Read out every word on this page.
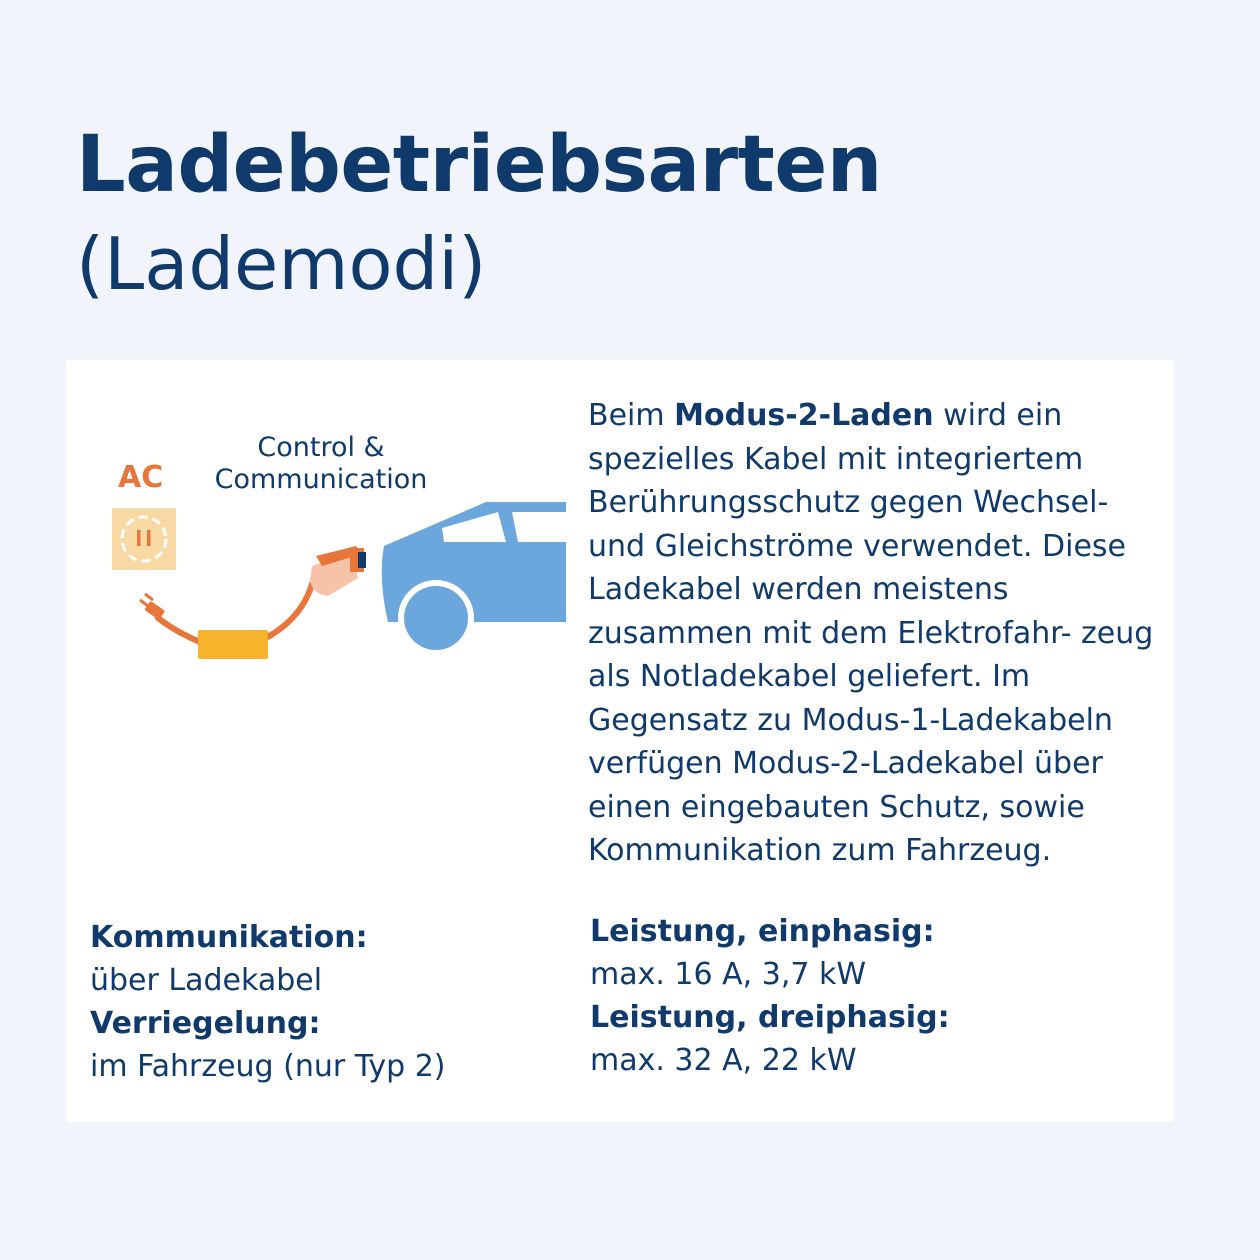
Ladebetriebsarten
(Lademodi)
AC
Control & Communication
Beim Modus-2-Laden wird ein spezielles Kabel mit integriertem Berührungsschutz gegen Wechsel- und Gleichströme verwendet. Diese Ladekabel werden meistens zusammen mit dem Elektrofahr- zeug als Notladekabel geliefert. Im Gegensatz zu Modus-1-Ladekabeln verfügen Modus-2-Ladekabel über einen eingebauten Schutz, sowie Kommunikation zum Fahrzeug.
Kommunikation:
über Ladekabel
Verriegelung:
im Fahrzeug (nur Typ 2)
Leistung, einphasig:
max. 16 A, 3,7 kW
Leistung, dreiphasig:
max. 32 A, 22 kW
